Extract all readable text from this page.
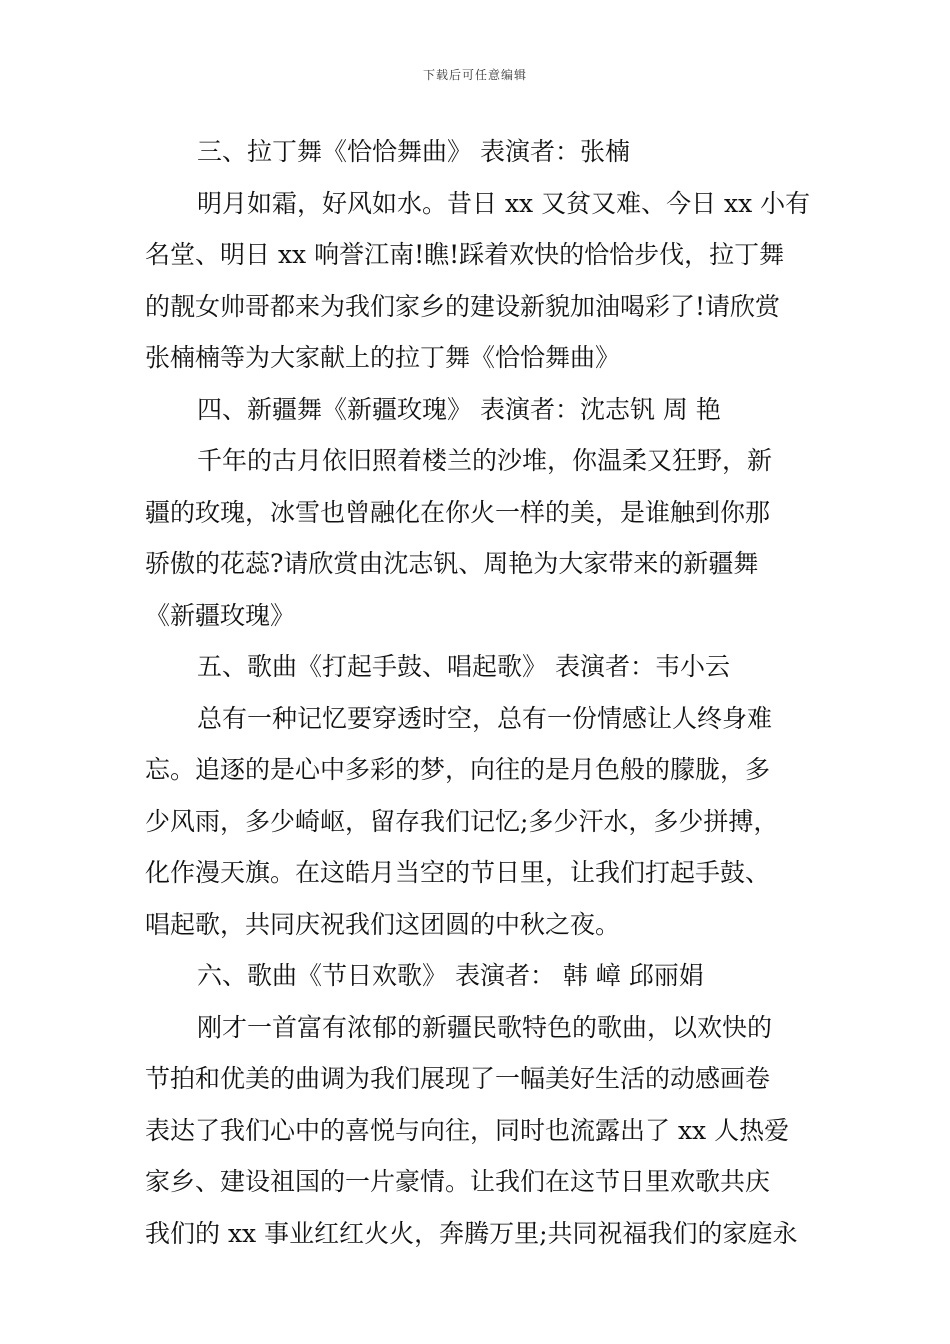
下载后可任意编辑
三、拉丁舞《恰恰舞曲》 表演者：张楠
明月如霜，好风如水。昔日 xx 又贫又难、今日 xx 小有
名堂、明日 xx 响誉江南!瞧!踩着欢快的恰恰步伐，拉丁舞
的靓女帅哥都来为我们家乡的建设新貌加油喝彩了!请欣赏
张楠楠等为大家献上的拉丁舞《恰恰舞曲》
四、新疆舞《新疆玫瑰》 表演者：沈志钒 周 艳
千年的古月依旧照着楼兰的沙堆，你温柔又狂野，新
疆的玫瑰，冰雪也曾融化在你火一样的美，是谁触到你那
骄傲的花蕊?请欣赏由沈志钒、周艳为大家带来的新疆舞
《新疆玫瑰》
五、歌曲《打起手鼓、唱起歌》 表演者：韦小云
总有一种记忆要穿透时空，总有一份情感让人终身难
忘。追逐的是心中多彩的梦，向往的是月色般的朦胧，多
少风雨，多少崎岖，留存我们记忆;多少汗水，多少拼搏，
化作漫天旗。在这皓月当空的节日里，让我们打起手鼓、
唱起歌，共同庆祝我们这团圆的中秋之夜。
六、歌曲《节日欢歌》 表演者： 韩 嶂 邱丽娟
刚才一首富有浓郁的新疆民歌特色的歌曲，以欢快的
节拍和优美的曲调为我们展现了一幅美好生活的动感画卷
表达了我们心中的喜悦与向往，同时也流露出了 xx 人热爱
家乡、建设祖国的一片豪情。让我们在这节日里欢歌共庆
我们的 xx 事业红红火火，奔腾万里;共同祝福我们的家庭永
